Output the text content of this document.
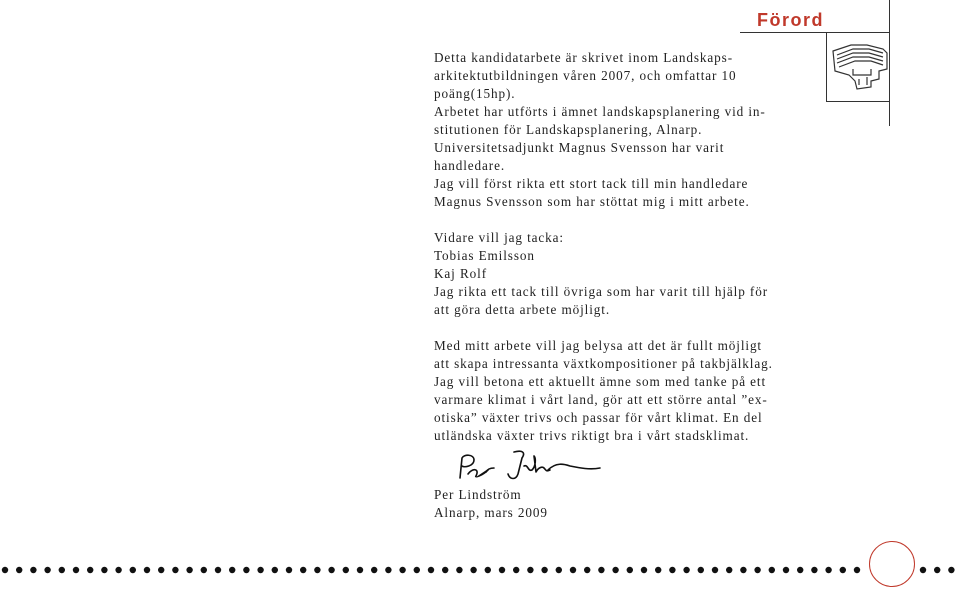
Förord

Detta kandidatarbete är skrivet inom Landskaps-
arkitektutbildningen våren 2007, och omfattar 10
poäng(15hp).
Arbetet har utförts i ämnet landskapsplanering vid in-
stitutionen för Landskapsplanering, Alnarp.
Universitetsadjunkt Magnus Svensson har varit
handledare.
Jag vill först rikta ett stort tack till min handledare
Magnus Svensson som har stöttat mig i mitt arbete.

Vidare vill jag tacka:
Tobias Emilsson
Kaj Rolf
Jag rikta ett tack till övriga som har varit till hjälp för
att göra detta arbete möjligt.

Med mitt arbete vill jag belysa att det är fullt möjligt
att skapa intressanta växtkompositioner på takbjälklag.
Jag vill betona ett aktuellt ämne som med tanke på ett
varmare klimat i vårt land, gör att ett större antal ”ex-
otiska” växter trivs och passar för vårt klimat. En del
utländska växter trivs riktigt bra i vårt stadsklimat.

Per Lindström
Alnarp, mars 2009
